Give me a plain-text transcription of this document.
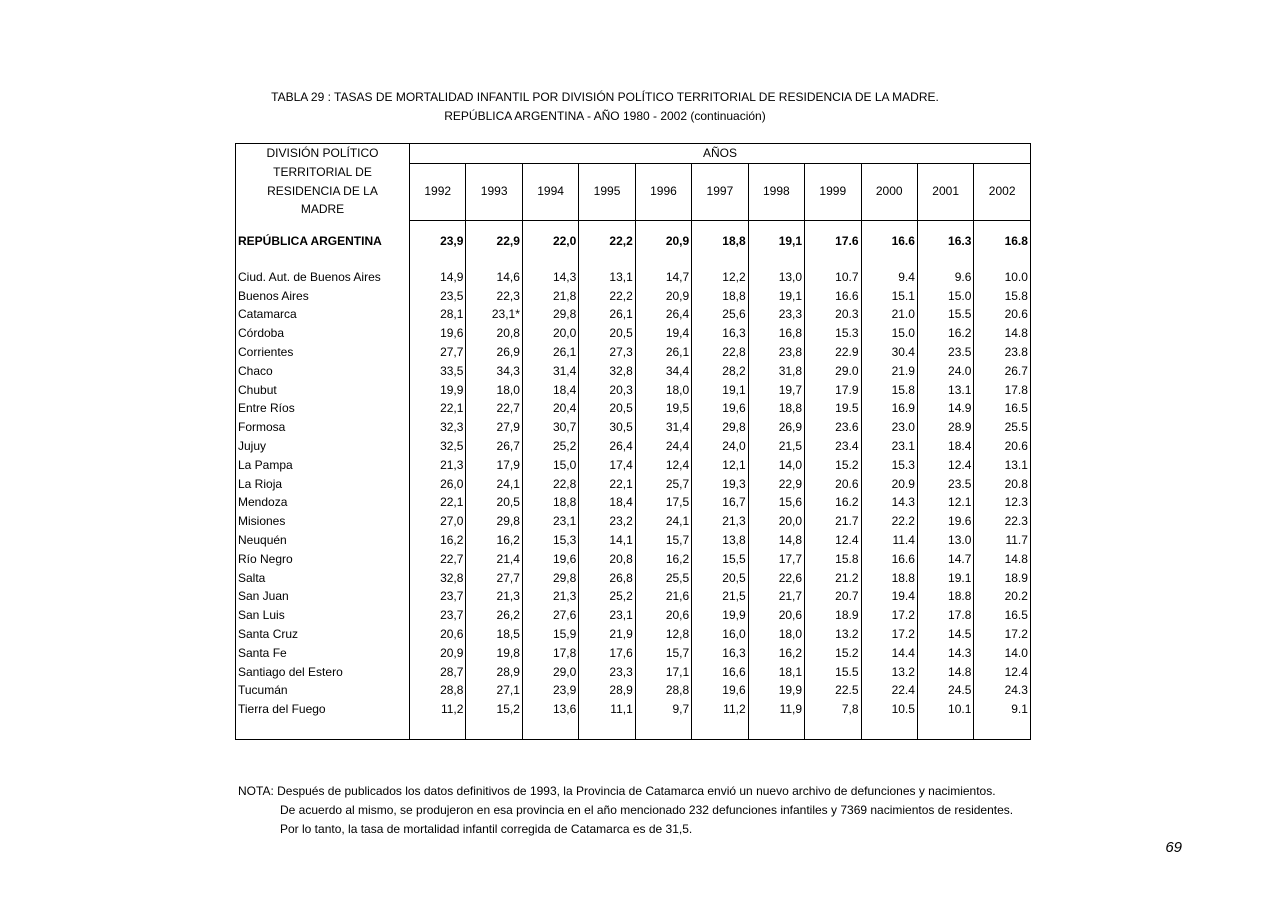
TABLA 29 : TASAS DE MORTALIDAD INFANTIL POR DIVISIÓN POLÍTICO TERRITORIAL DE RESIDENCIA DE LA MADRE.
REPÚBLICA ARGENTINA - AÑO 1980 - 2002 (continuación)
DIVISIÓN POLÍTICO
TERRITORIAL DE
RESIDENCIA DE LA
MADRE	AÑOS										
	1992	1993	1994	1995	1996	1997	1998	1999	2000	2001	2002

REPÚBLICA ARGENTINA	23,9	22,9	22,0	22,2	20,9	18,8	19,1	17.6	16.6	16.3	16.8

Ciud. Aut. de Buenos Aires	14,9	14,6	14,3	13,1	14,7	12,2	13,0	10.7	9.4	9.6	10.0
Buenos Aires	23,5	22,3	21,8	22,2	20,9	18,8	19,1	16.6	15.1	15.0	15.8
Catamarca	28,1	23,1*	29,8	26,1	26,4	25,6	23,3	20.3	21.0	15.5	20.6
Córdoba	19,6	20,8	20,0	20,5	19,4	16,3	16,8	15.3	15.0	16.2	14.8
Corrientes	27,7	26,9	26,1	27,3	26,1	22,8	23,8	22.9	30.4	23.5	23.8
Chaco	33,5	34,3	31,4	32,8	34,4	28,2	31,8	29.0	21.9	24.0	26.7
Chubut	19,9	18,0	18,4	20,3	18,0	19,1	19,7	17.9	15.8	13.1	17.8
Entre Ríos	22,1	22,7	20,4	20,5	19,5	19,6	18,8	19.5	16.9	14.9	16.5
Formosa	32,3	27,9	30,7	30,5	31,4	29,8	26,9	23.6	23.0	28.9	25.5
Jujuy	32,5	26,7	25,2	26,4	24,4	24,0	21,5	23.4	23.1	18.4	20.6
La Pampa	21,3	17,9	15,0	17,4	12,4	12,1	14,0	15.2	15.3	12.4	13.1
La Rioja	26,0	24,1	22,8	22,1	25,7	19,3	22,9	20.6	20.9	23.5	20.8
Mendoza	22,1	20,5	18,8	18,4	17,5	16,7	15,6	16.2	14.3	12.1	12.3
Misiones	27,0	29,8	23,1	23,2	24,1	21,3	20,0	21.7	22.2	19.6	22.3
Neuquén	16,2	16,2	15,3	14,1	15,7	13,8	14,8	12.4	11.4	13.0	11.7
Río Negro	22,7	21,4	19,6	20,8	16,2	15,5	17,7	15.8	16.6	14.7	14.8
Salta	32,8	27,7	29,8	26,8	25,5	20,5	22,6	21.2	18.8	19.1	18.9
San Juan	23,7	21,3	21,3	25,2	21,6	21,5	21,7	20.7	19.4	18.8	20.2
San Luis	23,7	26,2	27,6	23,1	20,6	19,9	20,6	18.9	17.2	17.8	16.5
Santa Cruz	20,6	18,5	15,9	21,9	12,8	16,0	18,0	13.2	17.2	14.5	17.2
Santa Fe	20,9	19,8	17,8	17,6	15,7	16,3	16,2	15.2	14.4	14.3	14.0
Santiago del Estero	28,7	28,9	29,0	23,3	17,1	16,6	18,1	15.5	13.2	14.8	12.4
Tucumán	28,8	27,1	23,9	28,9	28,8	19,6	19,9	22.5	22.4	24.5	24.3
Tierra del Fuego	11,2	15,2	13,6	11,1	9,7	11,2	11,9	7,8	10.5	10.1	9.1

NOTA: Después de publicados los datos definitivos de 1993, la Provincia de Catamarca envió un nuevo archivo de defunciones y nacimientos.
De acuerdo al mismo, se produjeron en esa provincia en el año mencionado 232 defunciones infantiles y 7369 nacimientos de residentes.
Por lo tanto, la tasa de mortalidad infantil corregida de Catamarca es de 31,5.
69
